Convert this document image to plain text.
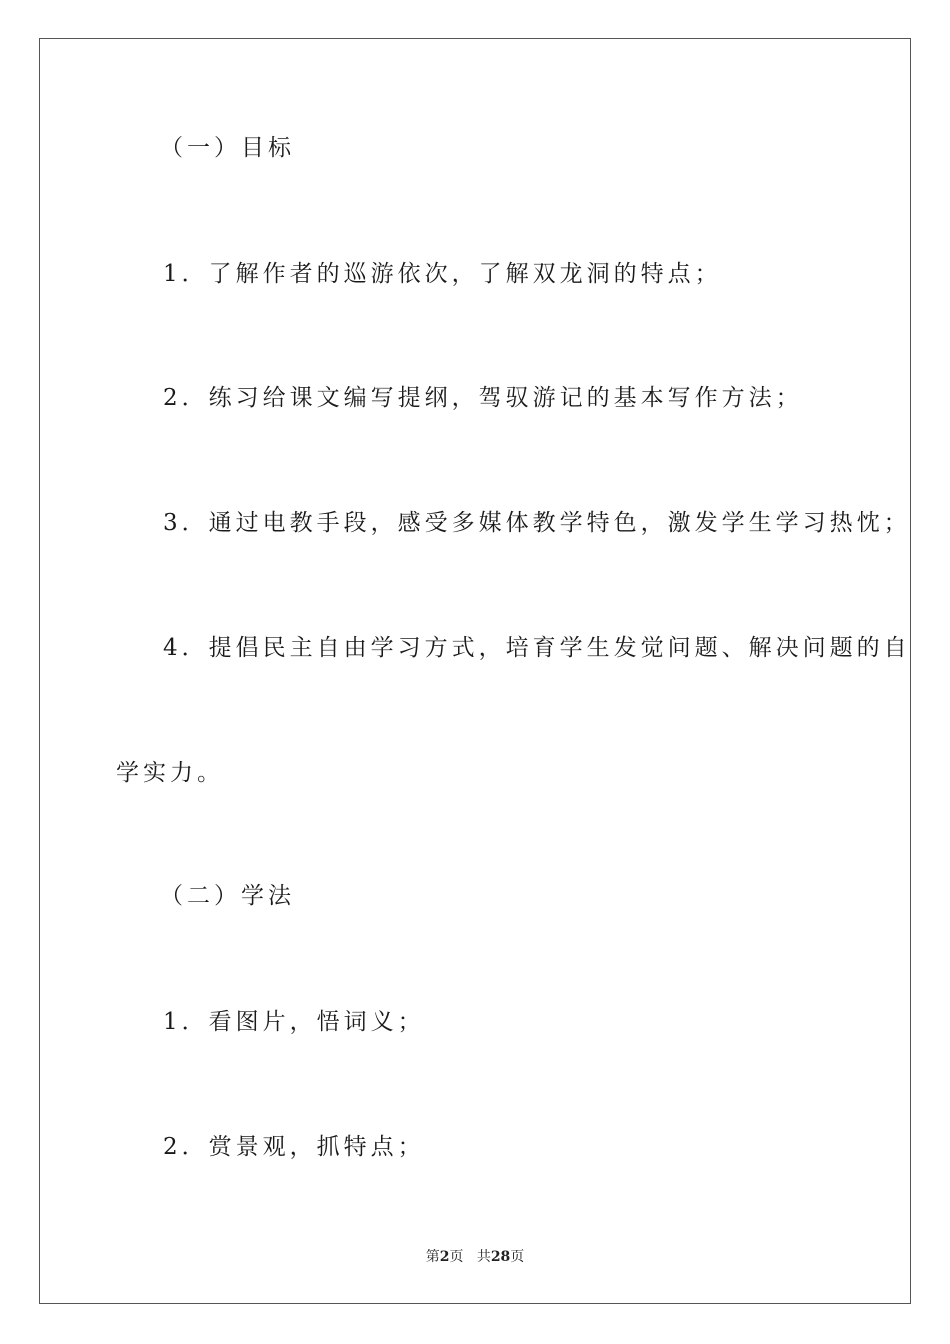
（一）目标
1．了解作者的巡游依次，了解双龙洞的特点；
2．练习给课文编写提纲，驾驭游记的基本写作方法；
3．通过电教手段，感受多媒体教学特色，激发学生学习热忱；
4．提倡民主自由学习方式，培育学生发觉问题、解决问题的自
学实力。
（二）学法
1．看图片，悟词义；
2．赏景观，抓特点；
第2页 共28页
